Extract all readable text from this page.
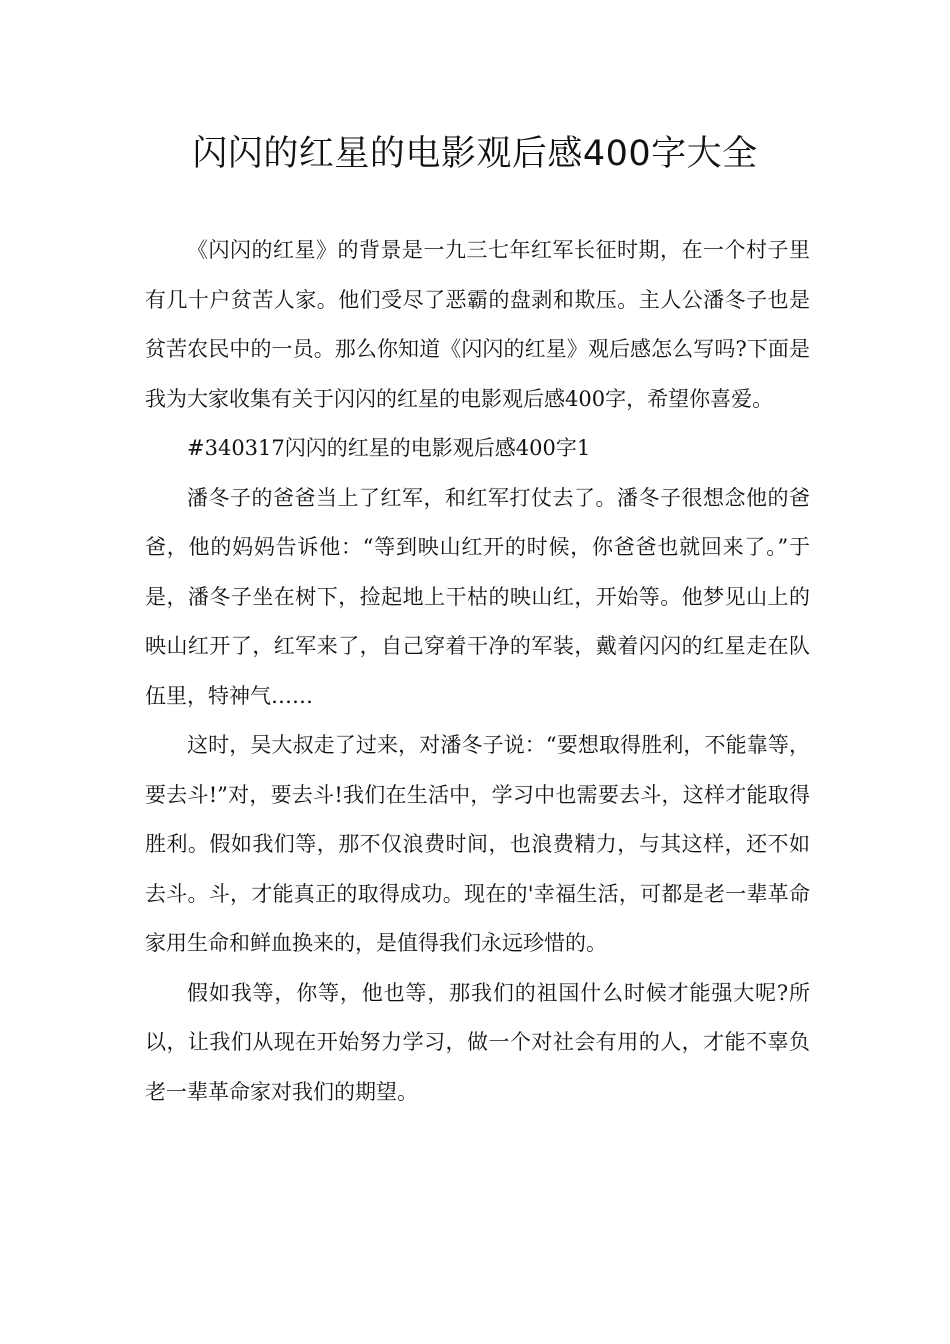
闪闪的红星的电影观后感400字大全

《闪闪的红星》的背景是一九三七年红军长征时期，在一个村子里有几十户贫苦人家。他们受尽了恶霸的盘剥和欺压。主人公潘冬子也是贫苦农民中的一员。那么你知道《闪闪的红星》观后感怎么写吗?下面是我为大家收集有关于闪闪的红星的电影观后感400字，希望你喜爱。

#340317闪闪的红星的电影观后感400字1

潘冬子的爸爸当上了红军，和红军打仗去了。潘冬子很想念他的爸爸，他的妈妈告诉他：“等到映山红开的时候，你爸爸也就回来了。”于是，潘冬子坐在树下，捡起地上干枯的映山红，开始等。他梦见山上的映山红开了，红军来了，自己穿着干净的军装，戴着闪闪的红星走在队伍里，特神气……

这时，吴大叔走了过来，对潘冬子说：“要想取得胜利，不能靠等，要去斗!”对，要去斗!我们在生活中，学习中也需要去斗，这样才能取得胜利。假如我们等，那不仅浪费时间，也浪费精力，与其这样，还不如去斗。斗，才能真正的取得成功。现在的'幸福生活，可都是老一辈革命家用生命和鲜血换来的，是值得我们永远珍惜的。

假如我等，你等，他也等，那我们的祖国什么时候才能强大呢?所以，让我们从现在开始努力学习，做一个对社会有用的人，才能不辜负老一辈革命家对我们的期望。
